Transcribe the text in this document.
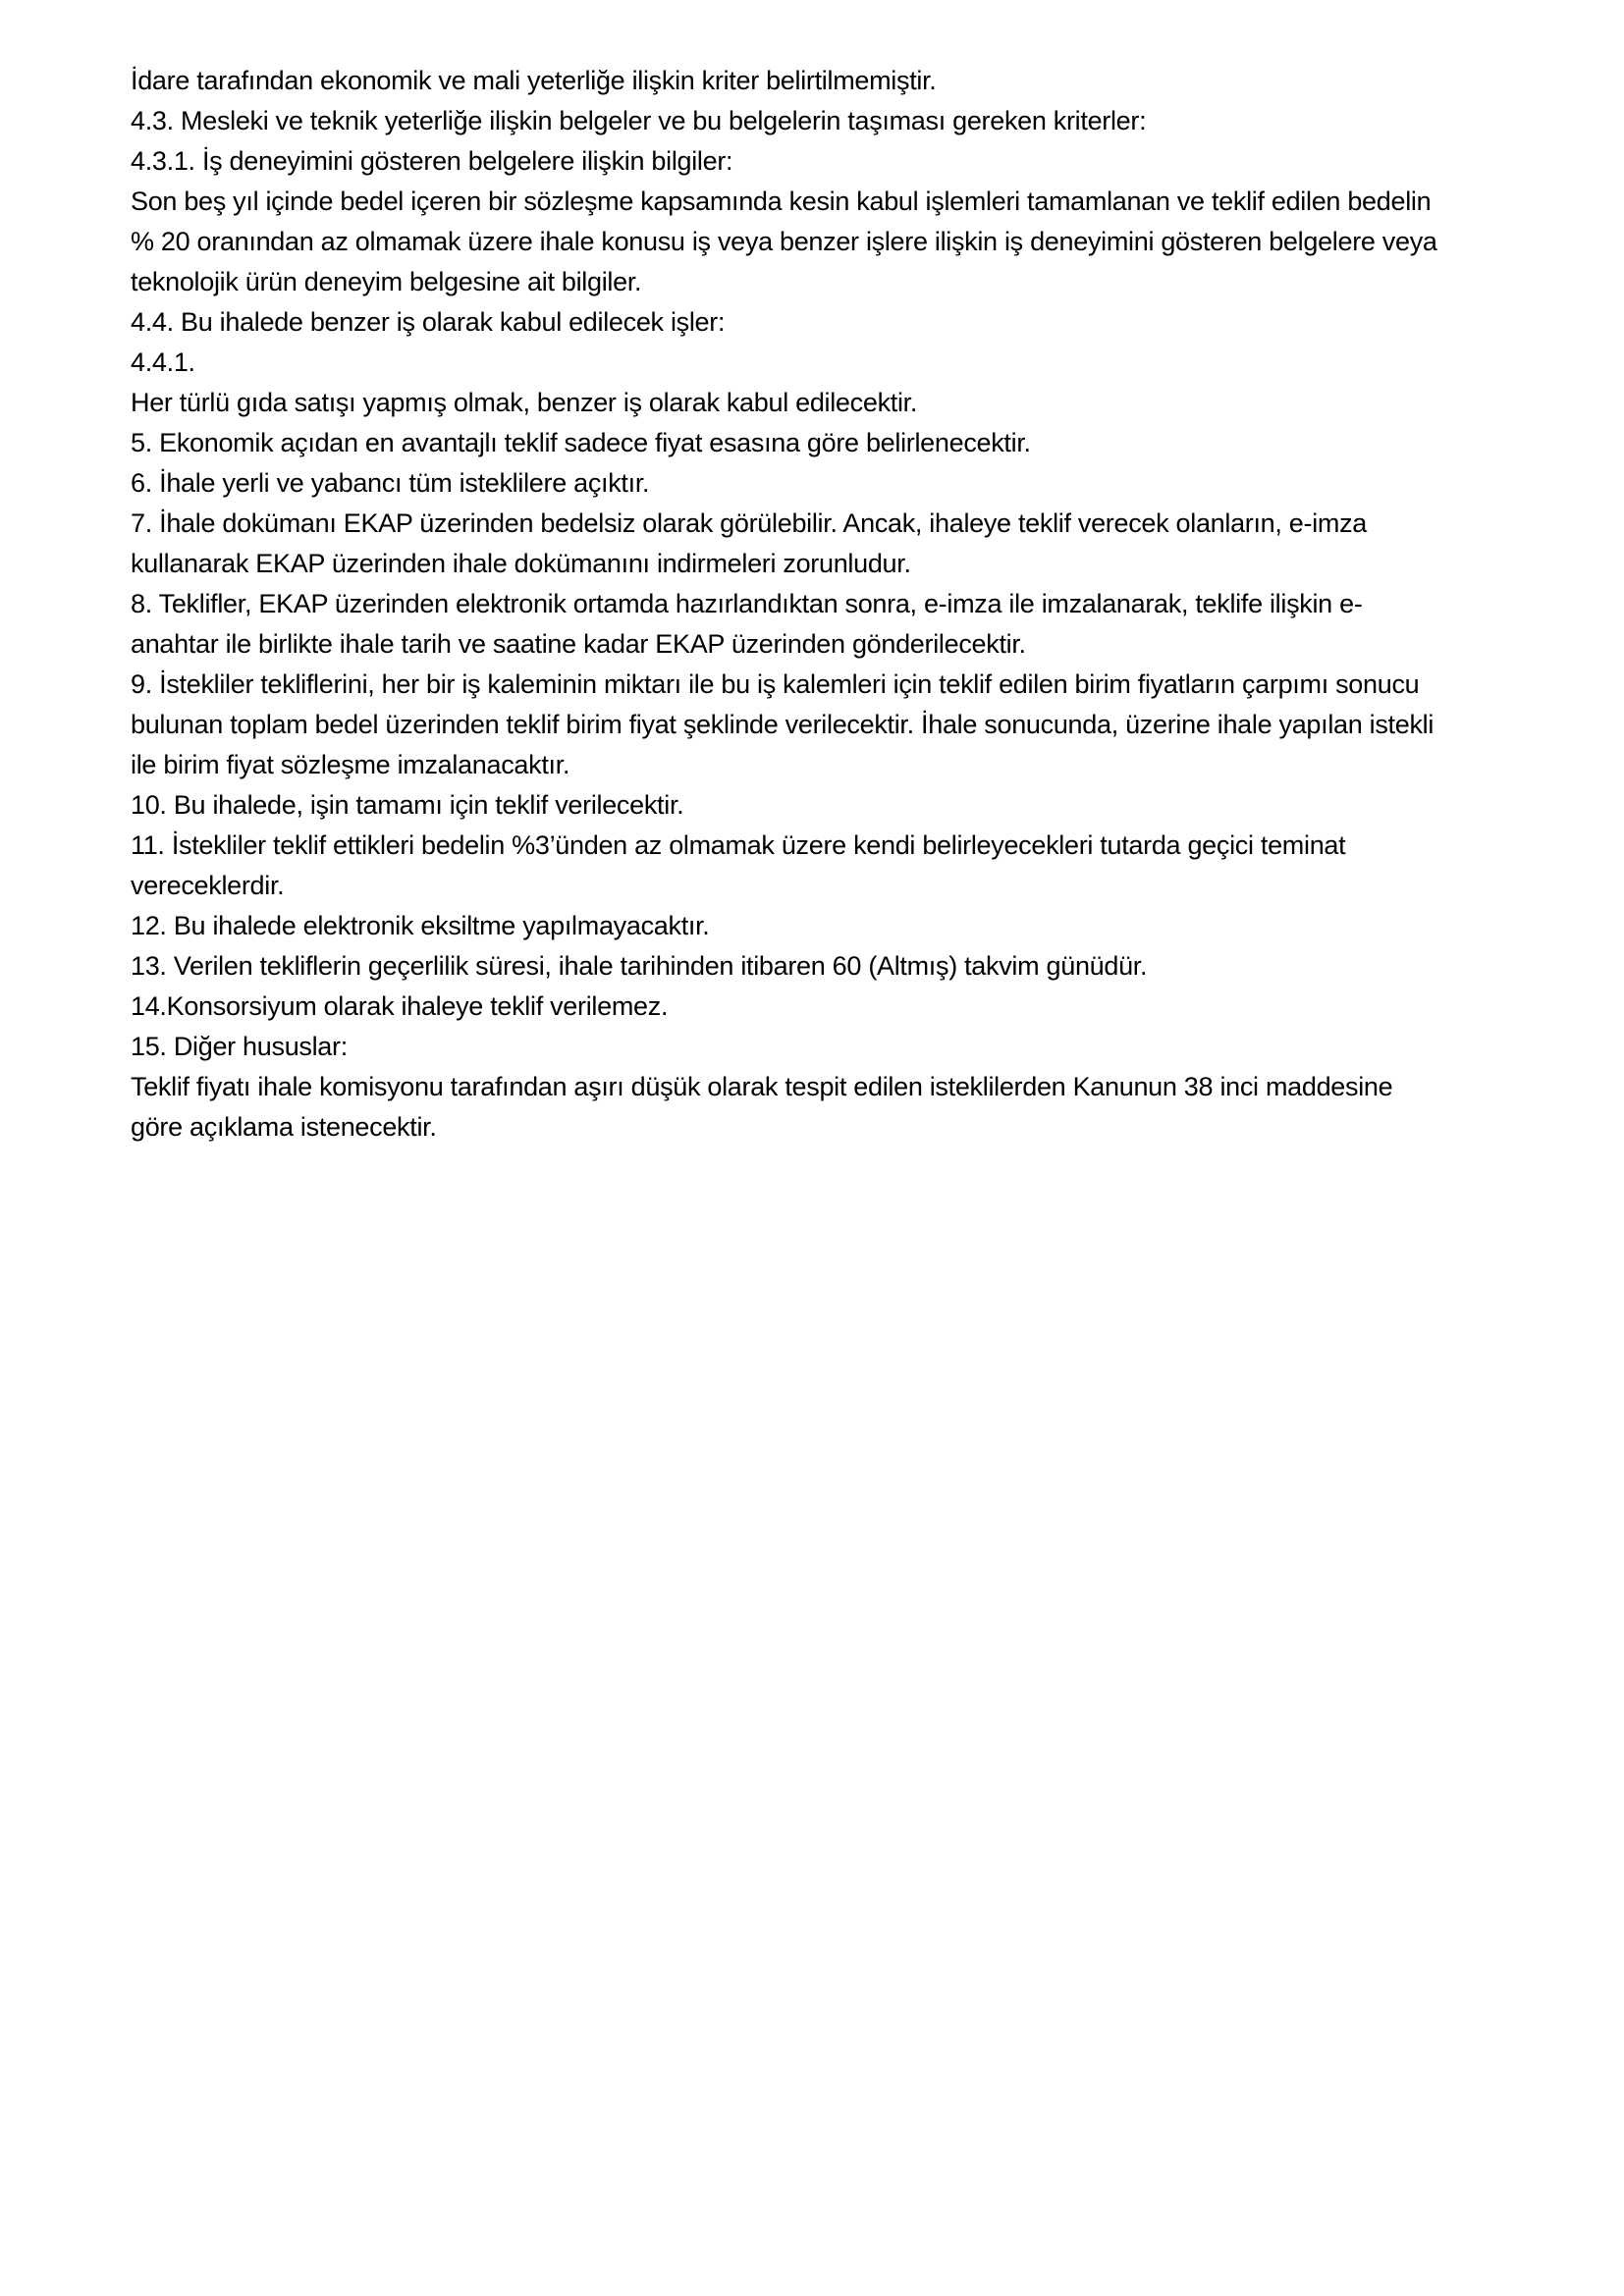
İdare tarafından ekonomik ve mali yeterliğe ilişkin kriter belirtilmemiştir.

4.3. Mesleki ve teknik yeterliğe ilişkin belgeler ve bu belgelerin taşıması gereken kriterler:

4.3.1. İş deneyimini gösteren belgelere ilişkin bilgiler:

Son beş yıl içinde bedel içeren bir sözleşme kapsamında kesin kabul işlemleri tamamlanan ve teklif edilen bedelin % 20 oranından az olmamak üzere ihale konusu iş veya benzer işlere ilişkin iş deneyimini gösteren belgelere veya teknolojik ürün deneyim belgesine ait bilgiler.

4.4. Bu ihalede benzer iş olarak kabul edilecek işler:

4.4.1.

Her türlü gıda satışı yapmış olmak, benzer iş olarak kabul edilecektir.

5. Ekonomik açıdan en avantajlı teklif sadece fiyat esasına göre belirlenecektir.

6. İhale yerli ve yabancı tüm isteklilere açıktır.

7. İhale dokümanı EKAP üzerinden bedelsiz olarak görülebilir. Ancak, ihaleye teklif verecek olanların, e-imza kullanarak EKAP üzerinden ihale dokümanını indirmeleri zorunludur.

8. Teklifler, EKAP üzerinden elektronik ortamda hazırlandıktan sonra, e-imza ile imzalanarak, teklife ilişkin e-anahtar ile birlikte ihale tarih ve saatine kadar EKAP üzerinden gönderilecektir.

9. İstekliler tekliflerini, her bir iş kaleminin miktarı ile bu iş kalemleri için teklif edilen birim fiyatların çarpımı sonucu bulunan toplam bedel üzerinden teklif birim fiyat şeklinde verilecektir. İhale sonucunda, üzerine ihale yapılan istekli ile birim fiyat sözleşme imzalanacaktır.

10. Bu ihalede, işin tamamı için teklif verilecektir.

11. İstekliler teklif ettikleri bedelin %3’ünden az olmamak üzere kendi belirleyecekleri tutarda geçici teminat vereceklerdir.

12. Bu ihalede elektronik eksiltme yapılmayacaktır.

13. Verilen tekliflerin geçerlilik süresi, ihale tarihinden itibaren 60 (Altmış) takvim günüdür.

14.Konsorsiyum olarak ihaleye teklif verilemez.

15. Diğer hususlar:

Teklif fiyatı ihale komisyonu tarafından aşırı düşük olarak tespit edilen isteklilerden Kanunun 38 inci maddesine göre açıklama istenecektir.
